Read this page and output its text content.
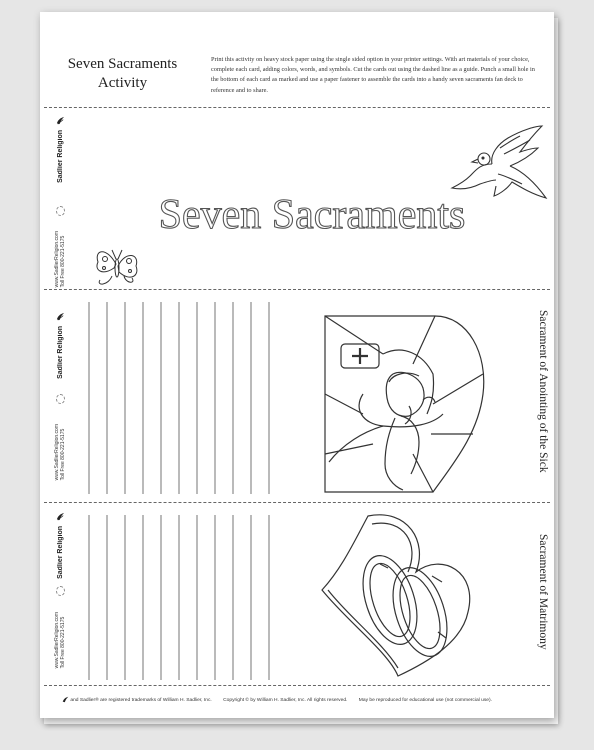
Seven Sacraments
Activity
Print this activity on heavy stock paper using the single sided option in your printer settings. With art materials of your choice, complete each card, adding colors, words, and symbols. Cut the cards out using the dashed line as a guide. Punch a small hole in the bottom of each card as marked and use a paper fastener to assemble the cards into a handy seven sacraments fan deck to reference and to share.
Sadlier Religion
www.SadlierReligion.com
Toll Free 800-221-5175
Seven Sacraments
Sadlier Religion
www.SadlierReligion.com
Toll Free 800-221-5175	Sacrament of Anointing of the Sick
Sadlier Religion
www.SadlierReligion.com
Toll Free 800-221-5175	Sacrament of Matrimony
and Sadlier® are registered trademarks of William H. Sadlier, Inc. Copyright © by William H. Sadlier, Inc. All rights reserved. May be reproduced for educational use (not commercial use).
